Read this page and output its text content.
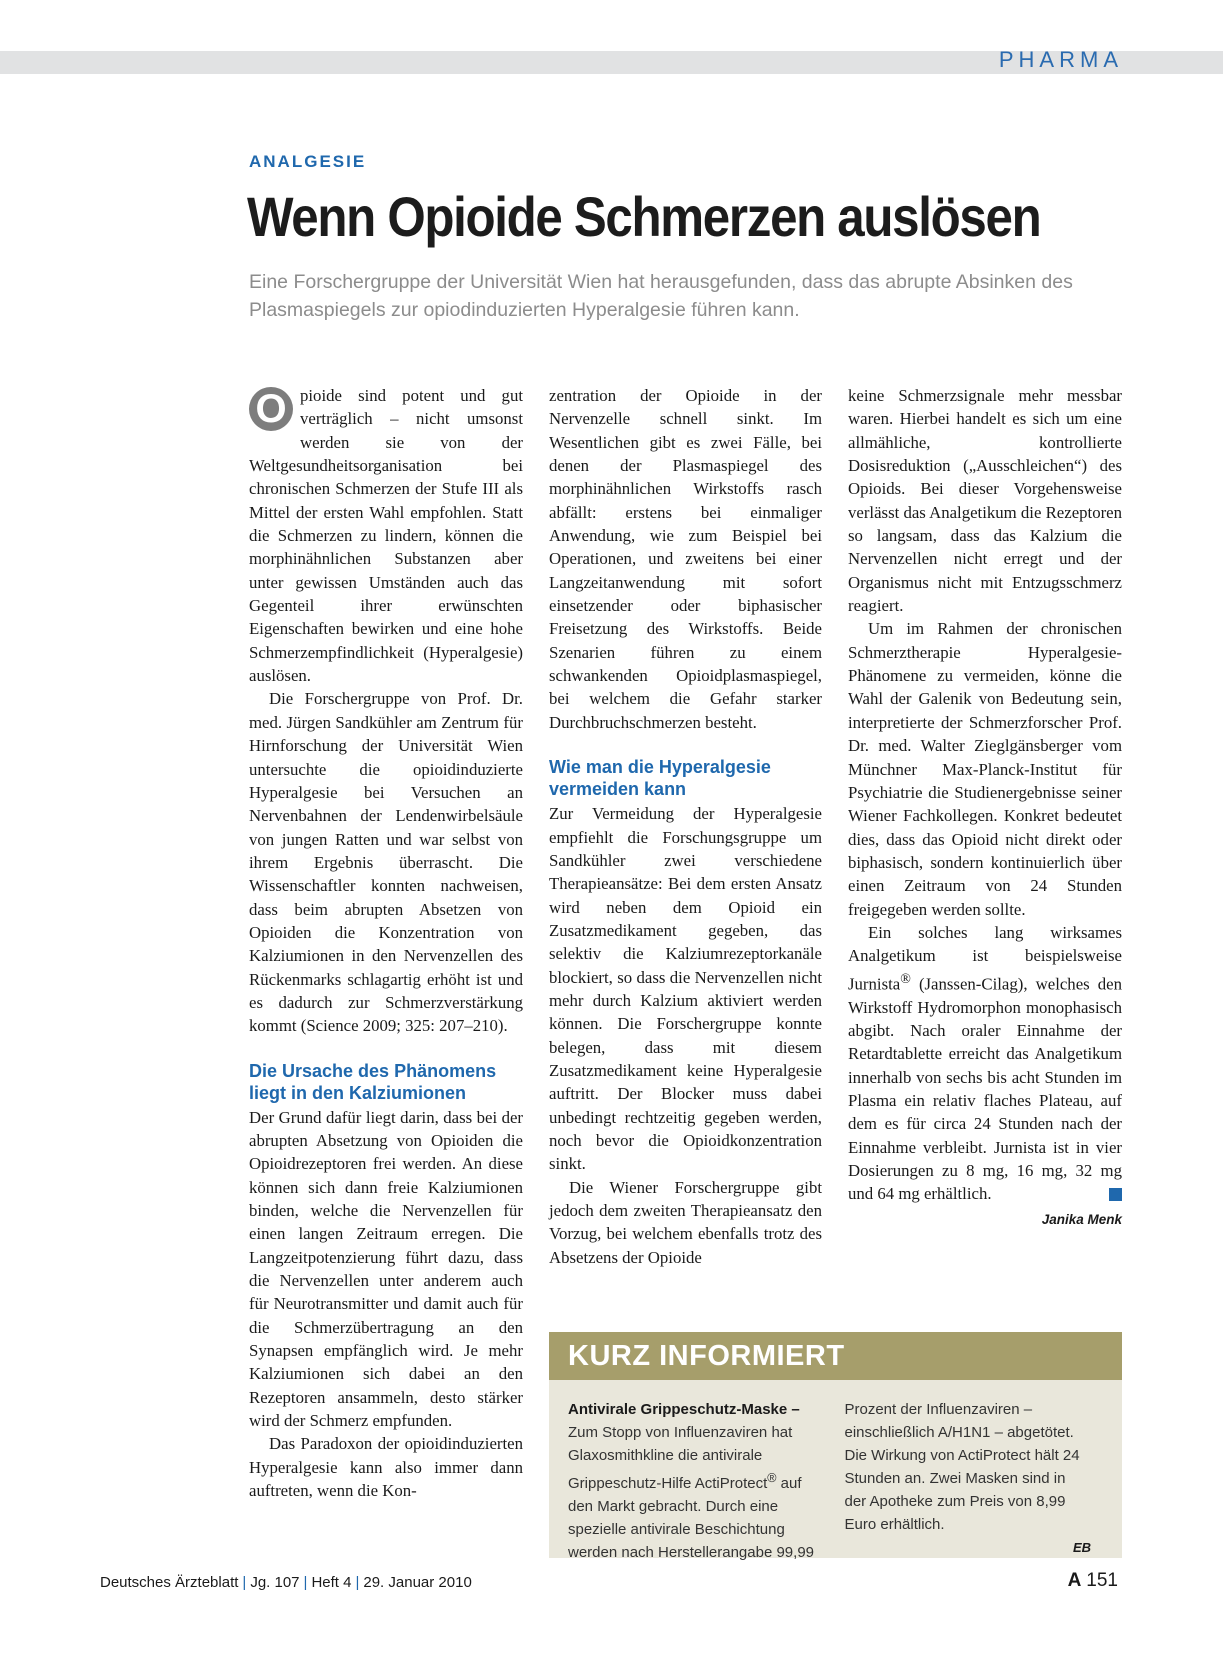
PHARMA
ANALGESIE
Wenn Opioide Schmerzen auslösen
Eine Forschergruppe der Universität Wien hat herausgefunden, dass das abrupte Absinken des Plasmaspiegels zur opiodinduzierten Hyperalgesie führen kann.

O pioide sind potent und gut verträglich – nicht umsonst werden sie von der Weltgesundheitsorganisation bei chronischen Schmerzen der Stufe III als Mittel der ersten Wahl empfohlen. Statt die Schmerzen zu lindern, können die morphinähnlichen Substanzen aber unter gewissen Umständen auch das Gegenteil ihrer erwünschten Eigenschaften bewirken und eine hohe Schmerzempfindlichkeit (Hyperalgesie) auslösen.

Die Forschergruppe von Prof. Dr. med. Jürgen Sandkühler am Zentrum für Hirnforschung der Universität Wien untersuchte die opioidinduzierte Hyperalgesie bei Versuchen an Nervenbahnen der Lendenwirbelsäule von jungen Ratten und war selbst von ihrem Ergebnis überrascht. Die Wissenschaftler konnten nachweisen, dass beim abrupten Absetzen von Opioiden die Konzentration von Kalziumionen in den Nervenzellen des Rückenmarks schlagartig erhöht ist und es dadurch zur Schmerzverstärkung kommt (Science 2009; 325: 207–210).

Die Ursache des Phänomens liegt in den Kalziumionen

Der Grund dafür liegt darin, dass bei der abrupten Absetzung von Opioiden die Opioidrezeptoren frei werden. An diese können sich dann freie Kalziumionen binden, welche die Nervenzellen für einen langen Zeitraum erregen. Die Langzeitpotenzierung führt dazu, dass die Nervenzellen unter anderem auch für Neurotransmitter und damit auch für die Schmerzübertragung an den Synapsen empfänglich wird. Je mehr Kalziumionen sich dabei an den Rezeptoren ansammeln, desto stärker wird der Schmerz empfunden.

Das Paradoxon der opioidinduzierten Hyperalgesie kann also immer dann auftreten, wenn die Kon-

zentration der Opioide in der Nervenzelle schnell sinkt. Im Wesentlichen gibt es zwei Fälle, bei denen der Plasmaspiegel des morphinähnlichen Wirkstoffs rasch abfällt: erstens bei einmaliger Anwendung, wie zum Beispiel bei Operationen, und zweitens bei einer Langzeitanwendung mit sofort einsetzender oder biphasischer Freisetzung des Wirkstoffs. Beide Szenarien führen zu einem schwankenden Opioidplasmaspiegel, bei welchem die Gefahr starker Durchbruchschmerzen besteht.

Wie man die Hyperalgesie vermeiden kann

Zur Vermeidung der Hyperalgesie empfiehlt die Forschungsgruppe um Sandkühler zwei verschiedene Therapieansätze: Bei dem ersten Ansatz wird neben dem Opioid ein Zusatzmedikament gegeben, das selektiv die Kalziumrezeptorkanäle blockiert, so dass die Nervenzellen nicht mehr durch Kalzium aktiviert werden können. Die Forschergruppe konnte belegen, dass mit diesem Zusatzmedikament keine Hyperalgesie auftritt. Der Blocker muss dabei unbedingt rechtzeitig gegeben werden, noch bevor die Opioidkonzentration sinkt.

Die Wiener Forschergruppe gibt jedoch dem zweiten Therapieansatz den Vorzug, bei welchem ebenfalls trotz des Absetzens der Opioide

keine Schmerzsignale mehr messbar waren. Hierbei handelt es sich um eine allmähliche, kontrollierte Dosisreduktion („Ausschleichen“) des Opioids. Bei dieser Vorgehensweise verlässt das Analgetikum die Rezeptoren so langsam, dass das Kalzium die Nervenzellen nicht erregt und der Organismus nicht mit Entzugsschmerz reagiert.

Um im Rahmen der chronischen Schmerztherapie Hyperalgesie-Phänomene zu vermeiden, könne die Wahl der Galenik von Bedeutung sein, interpretierte der Schmerzforscher Prof. Dr. med. Walter Zieglgänsberger vom Münchner Max-Planck-Institut für Psychiatrie die Studienergebnisse seiner Wiener Fachkollegen. Konkret bedeutet dies, dass das Opioid nicht direkt oder biphasisch, sondern kontinuierlich über einen Zeitraum von 24 Stunden freigegeben werden sollte.

Ein solches lang wirksames Analgetikum ist beispielsweise Jurnista® (Janssen-Cilag), welches den Wirkstoff Hydromorphon monophasisch abgibt. Nach oraler Einnahme der Retardtablette erreicht das Analgetikum innerhalb von sechs bis acht Stunden im Plasma ein relativ flaches Plateau, auf dem es für circa 24 Stunden nach der Einnahme verbleibt. Jurnista ist in vier Dosierungen zu 8 mg, 16 mg, 32 mg und 64 mg erhältlich.

Janika Menk
KURZ INFORMIERT
Antivirale Grippeschutz-Maske – Zum Stopp von Influenzaviren hat Glaxosmithkline die antivirale Grippeschutz-Hilfe ActiProtect® auf den Markt gebracht. Durch eine spezielle antivirale Beschichtung werden nach Herstellerangabe 99,99 Prozent der Influenzaviren – einschließlich A/H1N1 – abgetötet. Die Wirkung von ActiProtect hält 24 Stunden an. Zwei Masken sind in der Apotheke zum Preis von 8,99 Euro erhältlich.
EB
Deutsches Ärzteblatt | Jg. 107 | Heft 4 | 29. Januar 2010	A 151
